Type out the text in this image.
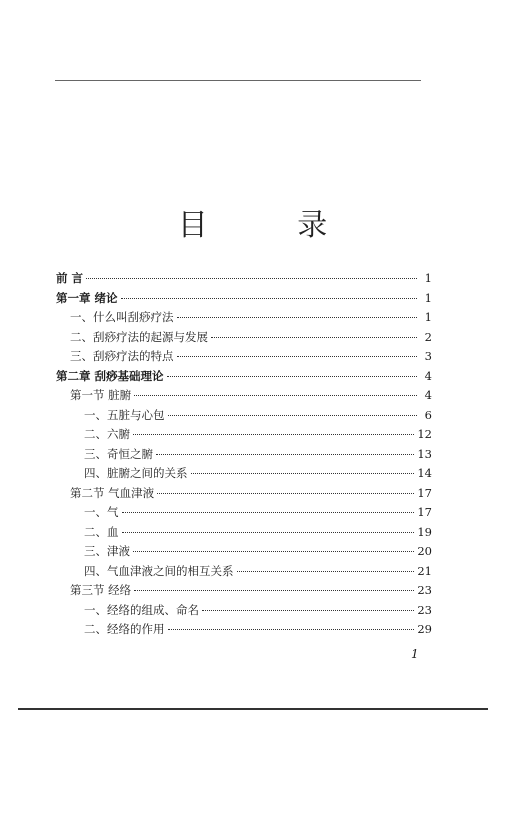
目 录
前 言	1
第一章 绪论	1
一、什么叫刮痧疗法	1
二、刮痧疗法的起源与发展	2
三、刮痧疗法的特点	3
第二章 刮痧基础理论	4
第一节 脏腑	4
一、五脏与心包	6
二、六腑	12
三、奇恒之腑	13
四、脏腑之间的关系	14
第二节 气血津液	17
一、气	17
二、血	19
三、津液	20
四、气血津液之间的相互关系	21
第三节 经络	23
一、经络的组成、命名	23
二、经络的作用	29
1
